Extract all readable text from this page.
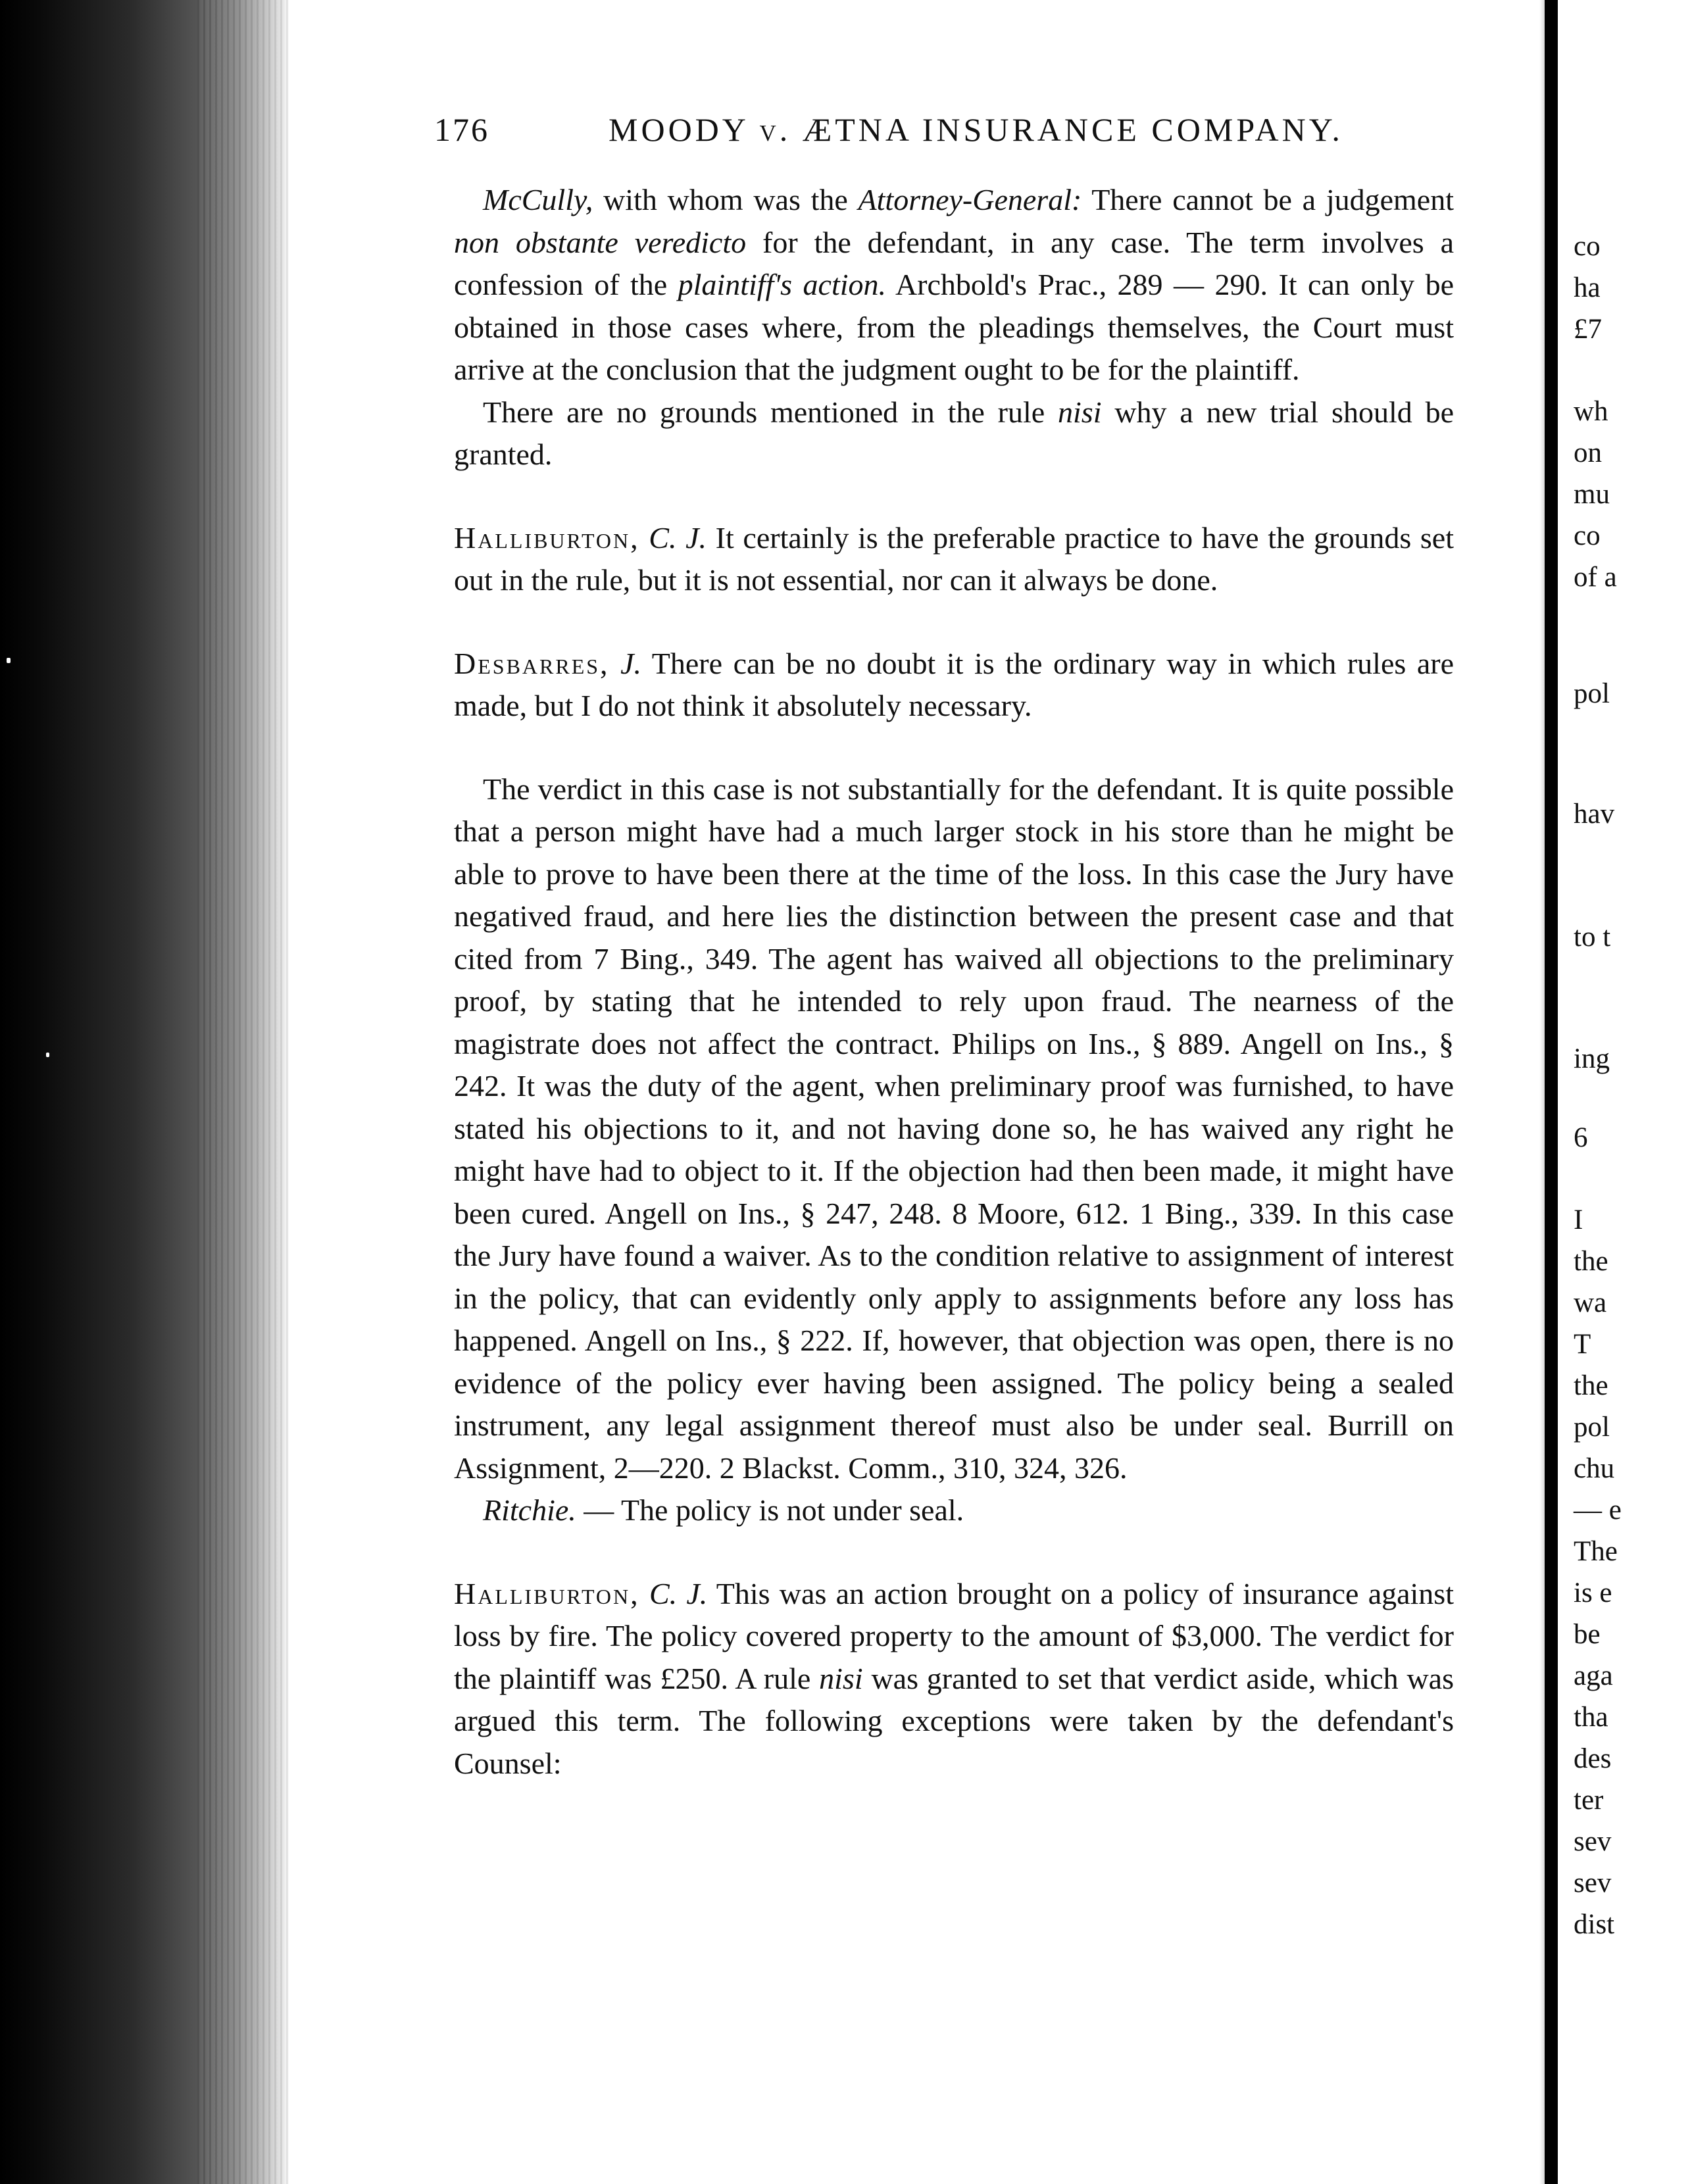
176	MOODY v. ÆTNA INSURANCE COMPANY.

McCully, with whom was the Attorney-General: There cannot be a judgement non obstante veredicto for the defendant, in any case. The term involves a confession of the plaintiff's action. Archbold's Prac., 289 — 290. It can only be obtained in those cases where, from the pleadings themselves, the Court must arrive at the conclusion that the judgment ought to be for the plaintiff.

There are no grounds mentioned in the rule nisi why a new trial should be granted.

Halliburton, C. J. It certainly is the preferable practice to have the grounds set out in the rule, but it is not essential, nor can it always be done.

Desbarres, J. There can be no doubt it is the ordinary way in which rules are made, but I do not think it absolutely necessary.

The verdict in this case is not substantially for the defendant. It is quite possible that a person might have had a much larger stock in his store than he might be able to prove to have been there at the time of the loss. In this case the Jury have negatived fraud, and here lies the distinction between the present case and that cited from 7 Bing., 349. The agent has waived all objections to the preliminary proof, by stating that he intended to rely upon fraud. The nearness of the magistrate does not affect the contract. Philips on Ins., § 889. Angell on Ins., § 242. It was the duty of the agent, when preliminary proof was furnished, to have stated his objections to it, and not having done so, he has waived any right he might have had to object to it. If the objection had then been made, it might have been cured. Angell on Ins., § 247, 248. 8 Moore, 612. 1 Bing., 339. In this case the Jury have found a waiver. As to the condition relative to assignment of interest in the policy, that can evidently only apply to assignments before any loss has happened. Angell on Ins., § 222. If, however, that objection was open, there is no evidence of the policy ever having been assigned. The policy being a sealed instrument, any legal assignment thereof must also be under seal. Burrill on Assignment, 2—220. 2 Blackst. Comm., 310, 324, 326.

Ritchie. — The policy is not under seal.

Halliburton, C. J. This was an action brought on a policy of insurance against loss by fire. The policy covered property to the amount of $3,000. The verdict for the plaintiff was £250. A rule nisi was granted to set that verdict aside, which was argued this term. The following exceptions were taken by the defendant's Counsel:

co
ha
£7
wh
on
mu
co
of a
pol
hav
to t
ing
6
I
the
wa
T
the
pol
chu
— e
The
is e
be
aga
tha
des
ter
sev
sev
dist
